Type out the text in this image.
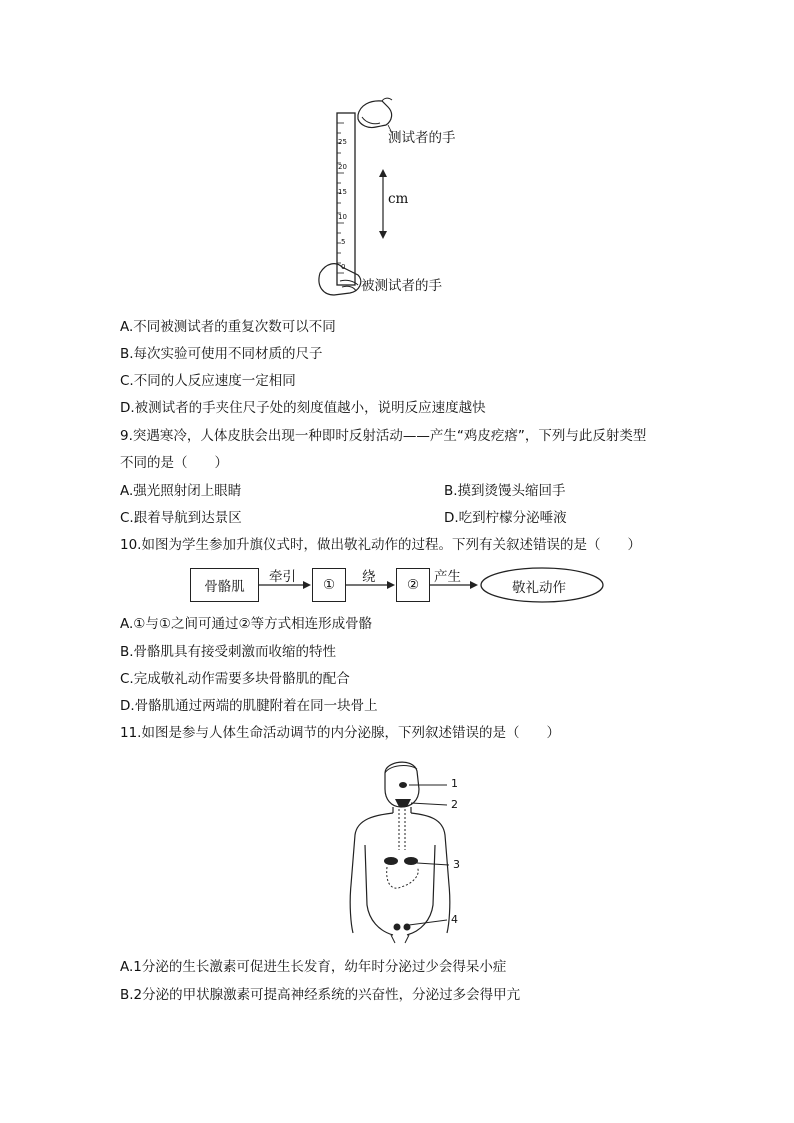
25
20
15
10
5
0
测试者的手
cm
被测试者的手
A.不同被测试者的重复次数可以不同
B.每次实验可使用不同材质的尺子
C.不同的人反应速度一定相同
D.被测试者的手夹住尺子处的刻度值越小，说明反应速度越快
9.突遇寒冷，人体皮肤会出现一种即时反射活动——产生“鸡皮疙瘩”，下列与此反射类型
不同的是（　　）
A.强光照射闭上眼睛	B.摸到烫馒头缩回手
C.跟着导航到达景区	D.吃到柠檬分泌唾液
10.如图为学生参加升旗仪式时，做出敬礼动作的过程。下列有关叙述错误的是（　　）
骨骼肌	①	②
牵引	绕	产生
敬礼动作
A.①与①之间可通过②等方式相连形成骨骼
B.骨骼肌具有接受刺激而收缩的特性
C.完成敬礼动作需要多块骨骼肌的配合
D.骨骼肌通过两端的肌腱附着在同一块骨上
11.如图是参与人体生命活动调节的内分泌腺，下列叙述错误的是（　　）
1
2
3
4
A.1分泌的生长激素可促进生长发育，幼年时分泌过少会得呆小症
B.2分泌的甲状腺激素可提高神经系统的兴奋性，分泌过多会得甲亢
